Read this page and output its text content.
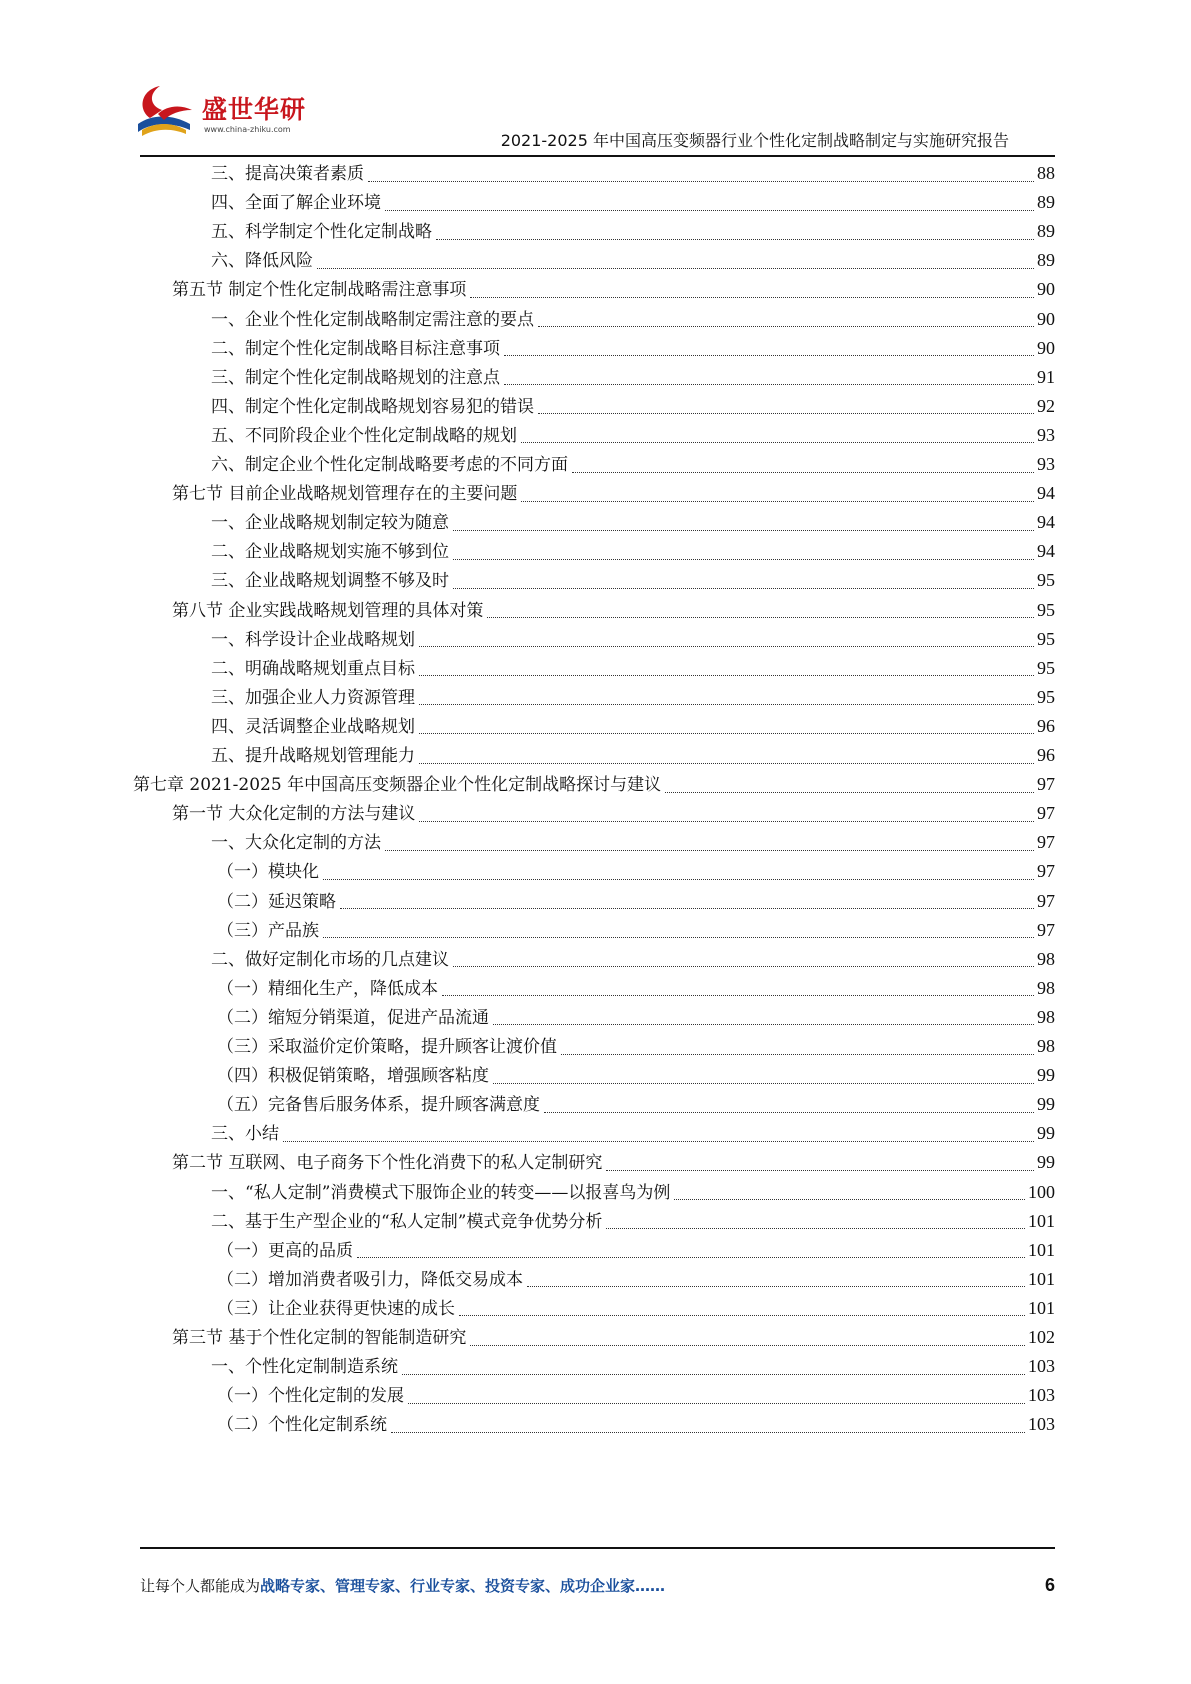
盛世华研
www.china-zhiku.com
2021-2025 年中国高压变频器行业个性化定制战略制定与实施研究报告
三、提高决策者素质	88
四、全面了解企业环境	89
五、科学制定个性化定制战略	89
六、降低风险	89
第五节 制定个性化定制战略需注意事项	90
一、企业个性化定制战略制定需注意的要点	90
二、制定个性化定制战略目标注意事项	90
三、制定个性化定制战略规划的注意点	91
四、制定个性化定制战略规划容易犯的错误	92
五、不同阶段企业个性化定制战略的规划	93
六、制定企业个性化定制战略要考虑的不同方面	93
第七节 目前企业战略规划管理存在的主要问题	94
一、企业战略规划制定较为随意	94
二、企业战略规划实施不够到位	94
三、企业战略规划调整不够及时	95
第八节 企业实践战略规划管理的具体对策	95
一、科学设计企业战略规划	95
二、明确战略规划重点目标	95
三、加强企业人力资源管理	95
四、灵活调整企业战略规划	96
五、提升战略规划管理能力	96
第七章 2021-2025 年中国高压变频器企业个性化定制战略探讨与建议	97
第一节 大众化定制的方法与建议	97
一、大众化定制的方法	97
（一）模块化	97
（二）延迟策略	97
（三）产品族	97
二、做好定制化市场的几点建议	98
（一）精细化生产，降低成本	98
（二）缩短分销渠道，促进产品流通	98
（三）采取溢价定价策略，提升顾客让渡价值	98
（四）积极促销策略，增强顾客粘度	99
（五）完备售后服务体系，提升顾客满意度	99
三、小结	99
第二节 互联网、电子商务下个性化消费下的私人定制研究	99
一、“私人定制”消费模式下服饰企业的转变——以报喜鸟为例	100
二、基于生产型企业的“私人定制”模式竞争优势分析	101
（一）更高的品质	101
（二）增加消费者吸引力，降低交易成本	101
（三）让企业获得更快速的成长	101
第三节 基于个性化定制的智能制造研究	102
一、个性化定制制造系统	103
（一）个性化定制的发展	103
（二）个性化定制系统	103
让每个人都能成为战略专家、管理专家、行业专家、投资专家、成功企业家……	6
